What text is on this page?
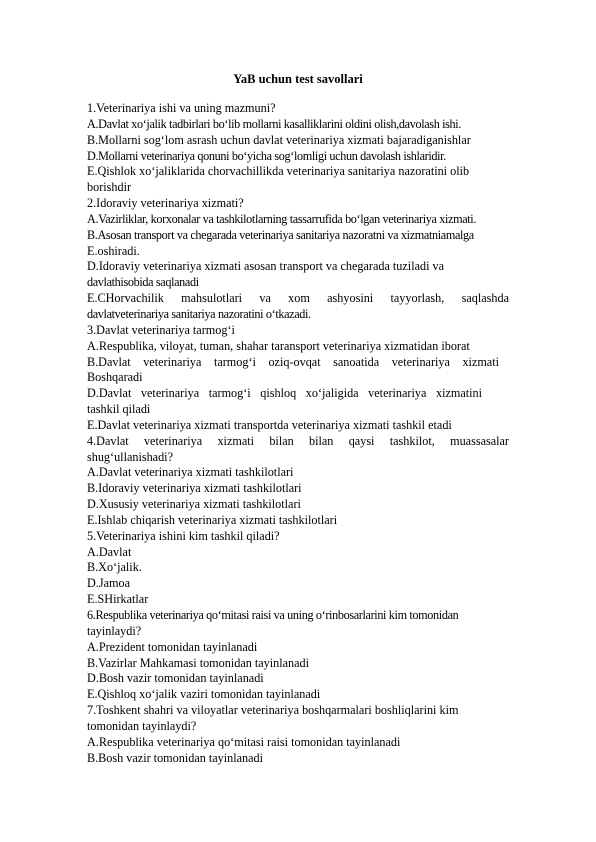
YaB uchun test savollari
1.Veterinariya ishi va uning mazmuni?
A.Davlat xo‘jalik tadbirlari bo‘lib mollarni kasalliklarini oldini olish,davolash ishi.
B.Mollarni sog‘lom asrash uchun davlat veterinariya xizmati bajaradiganishlar
D.Mollarni veterinariya qonuni bo‘yicha sog‘lomligi uchun davolash ishlaridir.
E.Qishlok xo‘jaliklarida chorvachillikda veterinariya sanitariya nazoratini olib
borishdir
2.Idoraviy veterinariya xizmati?
A.Vazirliklar, korxonalar va tashkilotlarning tassarrufida bo‘lgan veterinariya xizmati.
B.Asosan transport va chegarada veterinariya sanitariya nazoratni va xizmatniamalga
E.oshiradi.
D.Idoraviy veterinariya xizmati asosan transport va chegarada tuziladi va
davlathisobida saqlanadi
E.CHorvachilik mahsulotlari va xom ashyosini tayyorlash, saqlashda
davlatveterinariya sanitariya nazoratini o‘tkazadi.
3.Davlat veterinariya tarmog‘i
A.Respublika, viloyat, tuman, shahar taransport veterinariya xizmatidan iborat
B.Davlat veterinariya tarmog‘i oziq-ovqat sanoatida veterinariya xizmati
Boshqaradi
D.Davlat veterinariya tarmog‘i qishloq xo‘jaligida veterinariya xizmatini
tashkil qiladi
E.Davlat veterinariya xizmati transportda veterinariya xizmati tashkil etadi
4.Davlat veterinariya xizmati bilan bilan qaysi tashkilot, muassasalar
shug‘ullanishadi?
A.Davlat veterinariya xizmati tashkilotlari
B.Idoraviy veterinariya xizmati tashkilotlari
D.Xususiy veterinariya xizmati tashkilotlari
E.Ishlab chiqarish veterinariya xizmati tashkilotlari
5.Veterinariya ishini kim tashkil qiladi?
A.Davlat
B.Xo‘jalik.
D.Jamoa
E.SHirkatlar
6.Respublika veterinariya qo‘mitasi raisi va uning o‘rinbosarlarini kim tomonidan
tayinlaydi?
A.Prezident tomonidan tayinlanadi
B.Vazirlar Mahkamasi tomonidan tayinlanadi
D.Bosh vazir tomonidan tayinlanadi
E.Qishloq xo‘jalik vaziri tomonidan tayinlanadi
7.Toshkent shahri va viloyatlar veterinariya boshqarmalari boshliqlarini kim
tomonidan tayinlaydi?
A.Respublika veterinariya qo‘mitasi raisi tomonidan tayinlanadi
B.Bosh vazir tomonidan tayinlanadi
